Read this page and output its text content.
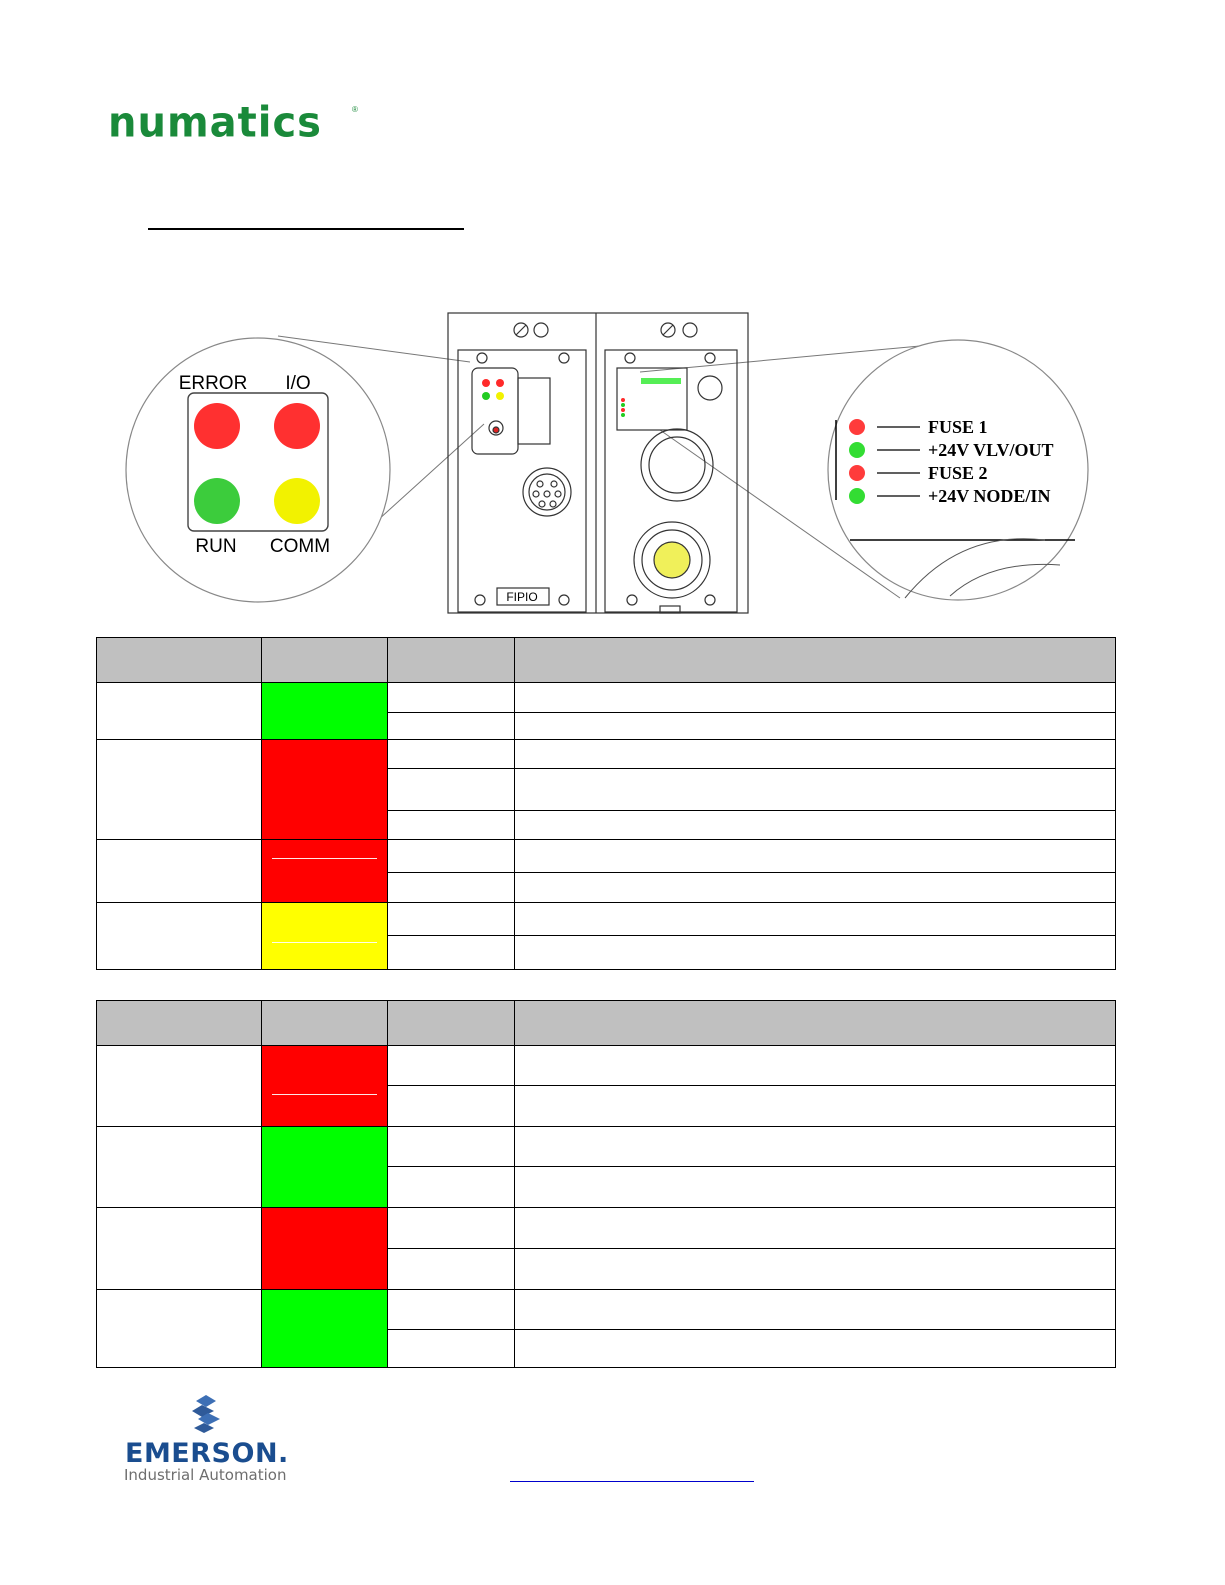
numatics	®
ERROR I/O
RUN COMM
FIPIO
FUSE 1
+24V VLV/OUT
FUSE 2
+24V NODE/IN

EMERSON.
Industrial Automation
